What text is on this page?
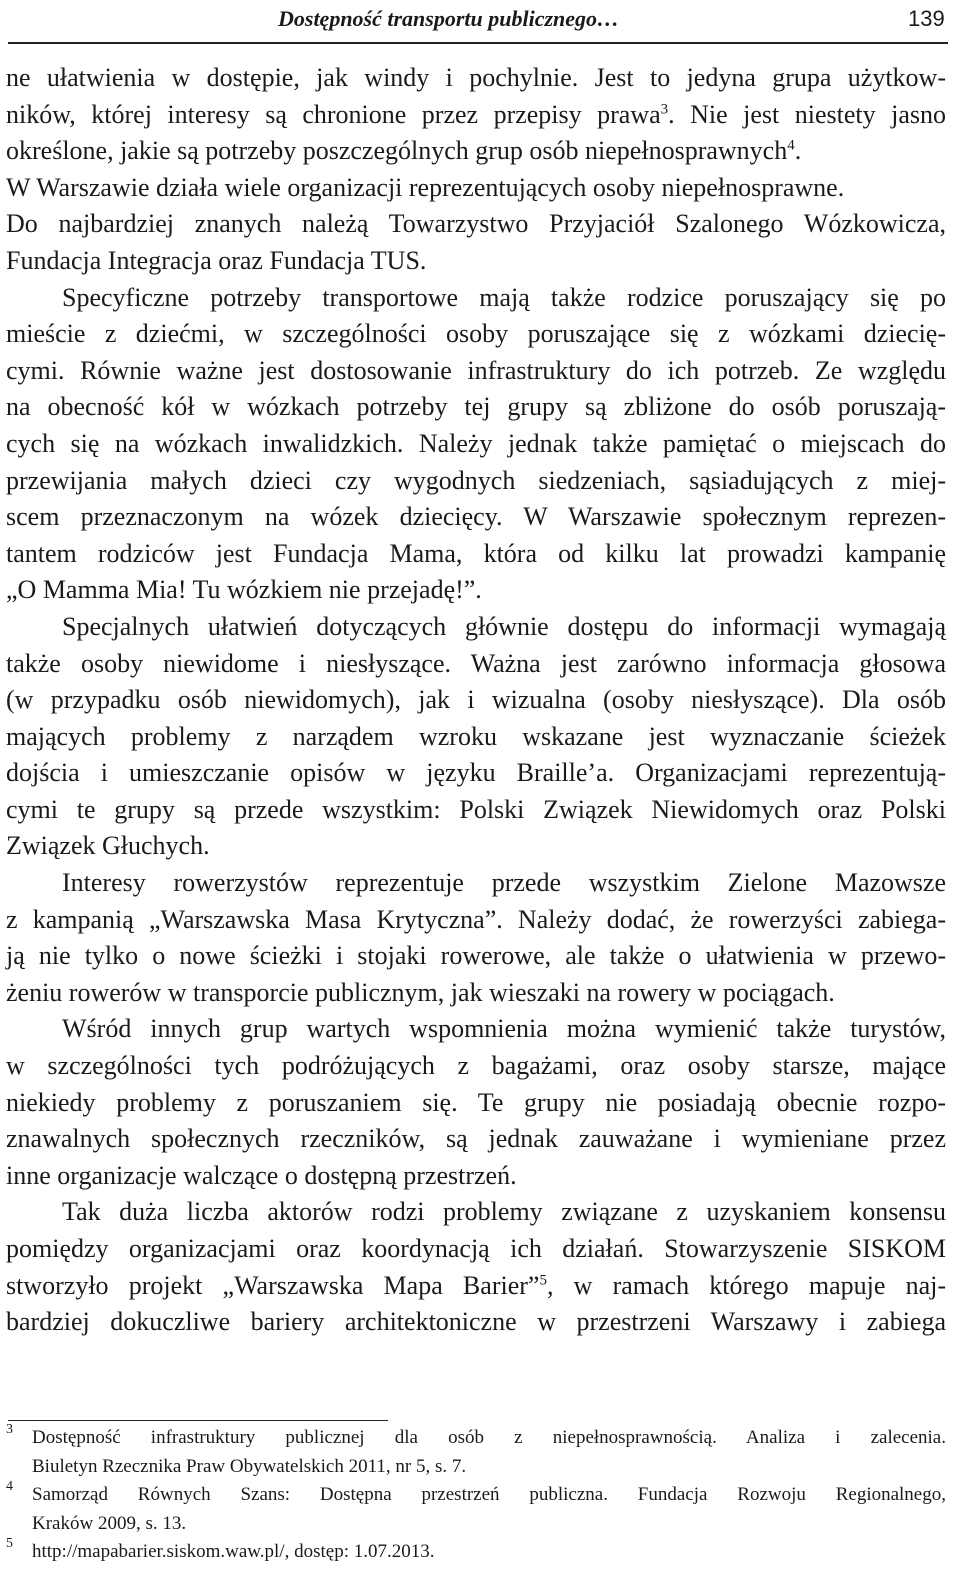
Dostępność transportu publicznego…	139

ne ułatwienia w dostępie, jak windy i pochylnie. Jest to jedyna grupa użytkow-

ników, której interesy są chronione przez przepisy prawa$^3$. Nie jest niestety jasno

określone, jakie są potrzeby poszczególnych grup osób niepełnosprawnych$^4$.

W Warszawie działa wiele organizacji reprezentujących osoby niepełnosprawne.

Do najbardziej znanych należą Towarzystwo Przyjaciół Szalonego Wózkowicza,

Fundacja Integracja oraz Fundacja TUS.

Specyficzne potrzeby transportowe mają także rodzice poruszający się po

mieście z dziećmi, w szczególności osoby poruszające się z wózkami dziecię-

cymi. Równie ważne jest dostosowanie infrastruktury do ich potrzeb. Ze względu

na obecność kół w wózkach potrzeby tej grupy są zbliżone do osób poruszają-

cych się na wózkach inwalidzkich. Należy jednak także pamiętać o miejscach do

przewijania małych dzieci czy wygodnych siedzeniach, sąsiadujących z miej-

scem przeznaczonym na wózek dziecięcy. W Warszawie społecznym reprezen-

tantem rodziców jest Fundacja Mama, która od kilku lat prowadzi kampanię

„O Mamma Mia! Tu wózkiem nie przejadę!”.

Specjalnych ułatwień dotyczących głównie dostępu do informacji wymagają

także osoby niewidome i niesłyszące. Ważna jest zarówno informacja głosowa

(w przypadku osób niewidomych), jak i wizualna (osoby niesłyszące). Dla osób

mających problemy z narządem wzroku wskazane jest wyznaczanie ścieżek

dojścia i umieszczanie opisów w języku Braille’a. Organizacjami reprezentują-

cymi te grupy są przede wszystkim: Polski Związek Niewidomych oraz Polski

Związek Głuchych.

Interesy rowerzystów reprezentuje przede wszystkim Zielone Mazowsze

z kampanią „Warszawska Masa Krytyczna”. Należy dodać, że rowerzyści zabiega-

ją nie tylko o nowe ścieżki i stojaki rowerowe, ale także o ułatwienia w przewo-

żeniu rowerów w transporcie publicznym, jak wieszaki na rowery w pociągach.

Wśród innych grup wartych wspomnienia można wymienić także turystów,

w szczególności tych podróżujących z bagażami, oraz osoby starsze, mające

niekiedy problemy z poruszaniem się. Te grupy nie posiadają obecnie rozpo-

znawalnych społecznych rzeczników, są jednak zauważane i wymieniane przez

inne organizacje walczące o dostępną przestrzeń.

Tak duża liczba aktorów rodzi problemy związane z uzyskaniem konsensu

pomiędzy organizacjami oraz koordynacją ich działań. Stowarzyszenie SISKOM

stworzyło projekt „Warszawska Mapa Barier”$^5$, w ramach którego mapuje naj-

bardziej dokuczliwe bariery architektoniczne w przestrzeni Warszawy i zabiega

3 Dostępność infrastruktury publicznej dla osób z niepełnosprawnością. Analiza i zalecenia.

Biuletyn Rzecznika Praw Obywatelskich 2011, nr 5, s. 7.

4 Samorząd Równych Szans: Dostępna przestrzeń publiczna. Fundacja Rozwoju Regionalnego,

Kraków 2009, s. 13.

5 http://mapabarier.siskom.waw.pl/, dostęp: 1.07.2013.
